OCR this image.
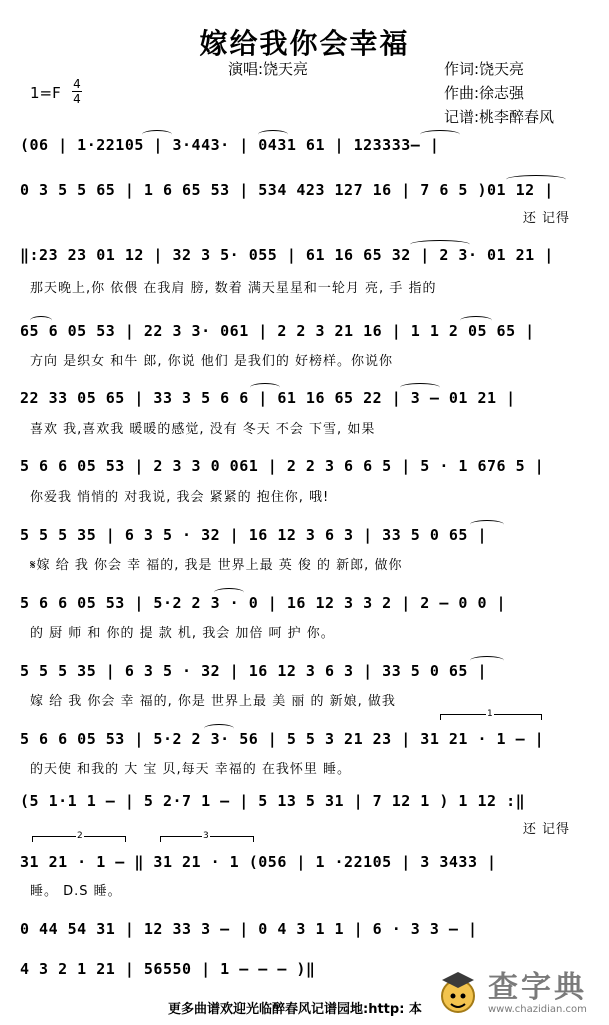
嫁给我你会幸福
演唱:饶天亮	作词:饶天亮
作曲:徐志强
记谱:桃李醉春风
1=F 4
4
(06 | 1·22105 | 3·443· | 0431 61 | 123333– |
0 3 5 5 65 | 1 6 65 53 | 534 423 127 16 | 7 6 5 )01 12 |
还 记得
‖:23 23 01 12 | 32 3 5· 055 | 61 16 65 32 | 2 3· 01 21 |
那天晚上,你 依偎 在我肩 膀, 数着 满天星星和一轮月 亮, 手 指的
65 6 05 53 | 22 3 3· 061 | 2 2 3 21 16 | 1 1 2 05 65 |
方向 是织女 和牛 郎, 你说 他们 是我们的 好榜样。你说你
22 33 05 65 | 33 3 5 6 6 | 61 16 65 22 | 3 – 01 21 |
喜欢 我,喜欢我 暖暖的感觉, 没有 冬天 不会 下雪, 如果
5 6 6 05 53 | 2 3 3 0 061 | 2 2 3 6 6 5 | 5 · 1 676 5 |
你爱我 悄悄的 对我说, 我会 紧紧的 抱住你, 哦!
5 5 5 35 | 6 3 5 · 32 | 16 12 3 6 3 | 33 5 0 65 |
𝄋嫁 给 我 你会 幸 福的, 我是 世界上最 英 俊 的 新郎, 做你
5 6 6 05 53 | 5·2 2 3 · 0 | 16 12 3 3 2 | 2 – 0 0 |
的 厨 师 和 你的 提 款 机, 我会 加倍 呵 护 你。
5 5 5 35 | 6 3 5 · 32 | 16 12 3 6 3 | 33 5 0 65 |
嫁 给 我 你会 幸 福的, 你是 世界上最 美 丽 的 新娘, 做我
5 6 6 05 53 | 5·2 2 3· 56 | 5 5 3 21 23 | 31 21 · 1 – |
的天使 和我的 大 宝 贝,每天 幸福的 在我怀里 睡。
(5 1·1 1 – | 5 2·7 1 – | 5 13 5 31 | 7 12 1 ) 1 12 :‖
还 记得
31 21 · 1 – ‖ 31 21 · 1 (056 | 1 ·22105 | 3 3433 |
睡。 D.S 睡。
0 44 54 31 | 12 33 3 – | 0 4 3 1 1 | 6 · 3 3 – |
4 3 2 1 21 | 56550 | 1 – – – )‖
1
2	3
更多曲谱欢迎光临醉春风记谱园地:http: 本
查字典
www.chazidian.com
